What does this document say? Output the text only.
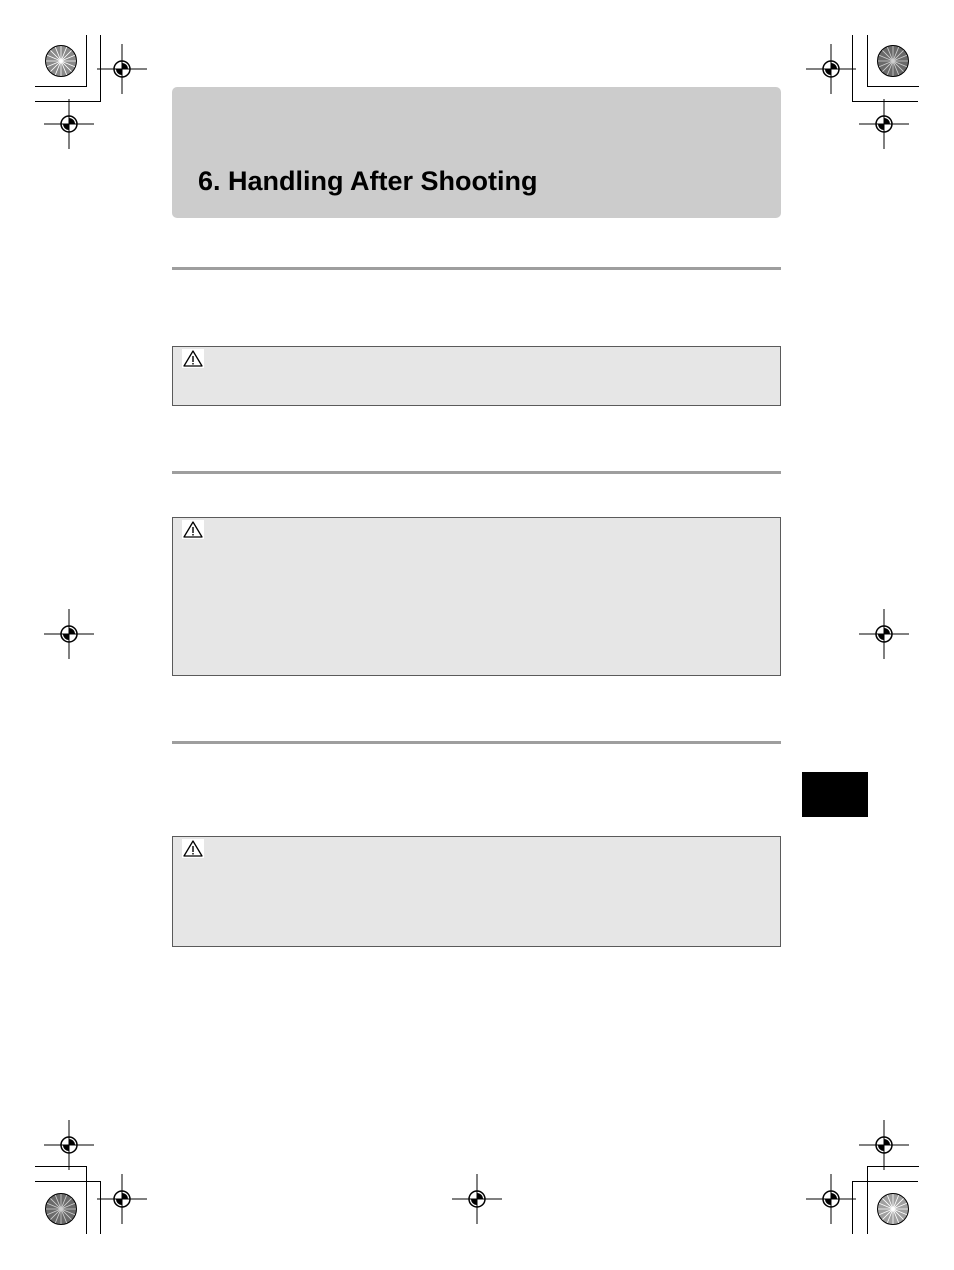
6. Handling After Shooting
